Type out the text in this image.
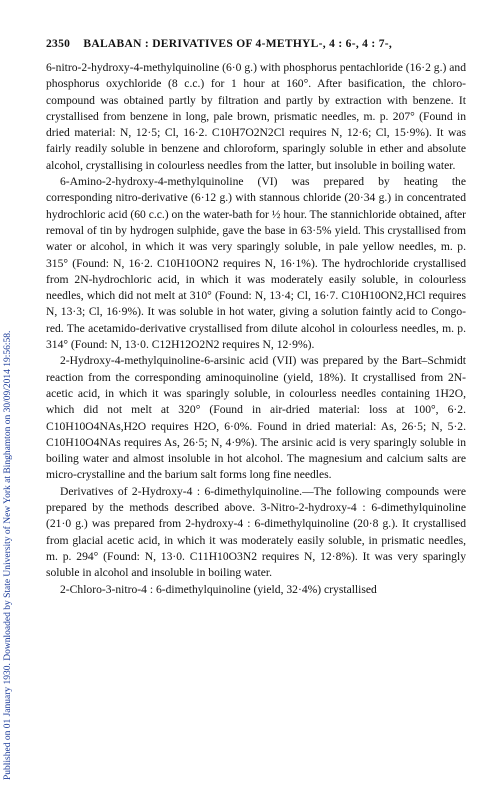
Published on 01 January 1930. Downloaded by State University of New York at Binghamton on 30/09/2014 19:56:58.
2350 BALABAN : DERIVATIVES OF 4-METHYL-, 4 : 6-, 4 : 7-,

6-nitro-2-hydroxy-4-methylquinoline (6·0 g.) with phosphorus pentachloride (16·2 g.) and phosphorus oxychloride (8 c.c.) for 1 hour at 160°. After basification, the chloro-compound was obtained partly by filtration and partly by extraction with benzene. It crystallised from benzene in long, pale brown, prismatic needles, m. p. 207° (Found in dried material: N, 12·5; Cl, 16·2. C10H7O2N2Cl requires N, 12·6; Cl, 15·9%). It was fairly readily soluble in benzene and chloroform, sparingly soluble in ether and absolute alcohol, crystallising in colourless needles from the latter, but insoluble in boiling water.

6-Amino-2-hydroxy-4-methylquinoline (VI) was prepared by heating the corresponding nitro-derivative (6·12 g.) with stannous chloride (20·34 g.) in concentrated hydrochloric acid (60 c.c.) on the water-bath for ½ hour. The stannichloride obtained, after removal of tin by hydrogen sulphide, gave the base in 63·5% yield. This crystallised from water or alcohol, in which it was very sparingly soluble, in pale yellow needles, m. p. 315° (Found: N, 16·2. C10H10ON2 requires N, 16·1%). The hydrochloride crystallised from 2N-hydrochloric acid, in which it was moderately easily soluble, in colourless needles, which did not melt at 310° (Found: N, 13·4; Cl, 16·7. C10H10ON2,HCl requires N, 13·3; Cl, 16·9%). It was soluble in hot water, giving a solution faintly acid to Congo-red. The acetamido-derivative crystallised from dilute alcohol in colourless needles, m. p. 314° (Found: N, 13·0. C12H12O2N2 requires N, 12·9%).

2-Hydroxy-4-methylquinoline-6-arsinic acid (VII) was prepared by the Bart–Schmidt reaction from the corresponding aminoquinoline (yield, 18%). It crystallised from 2N-acetic acid, in which it was sparingly soluble, in colourless needles containing 1H2O, which did not melt at 320° (Found in air-dried material: loss at 100°, 6·2. C10H10O4NAs,H2O requires H2O, 6·0%. Found in dried material: As, 26·5; N, 5·2. C10H10O4NAs requires As, 26·5; N, 4·9%). The arsinic acid is very sparingly soluble in boiling water and almost insoluble in hot alcohol. The magnesium and calcium salts are micro-crystalline and the barium salt forms long fine needles.

Derivatives of 2-Hydroxy-4 : 6-dimethylquinoline.—The following compounds were prepared by the methods described above. 3-Nitro-2-hydroxy-4 : 6-dimethylquinoline (21·0 g.) was prepared from 2-hydroxy-4 : 6-dimethylquinoline (20·8 g.). It crystallised from glacial acetic acid, in which it was moderately easily soluble, in prismatic needles, m. p. 294° (Found: N, 13·0. C11H10O3N2 requires N, 12·8%). It was very sparingly soluble in alcohol and insoluble in boiling water.

2-Chloro-3-nitro-4 : 6-dimethylquinoline (yield, 32·4%) crystallised
